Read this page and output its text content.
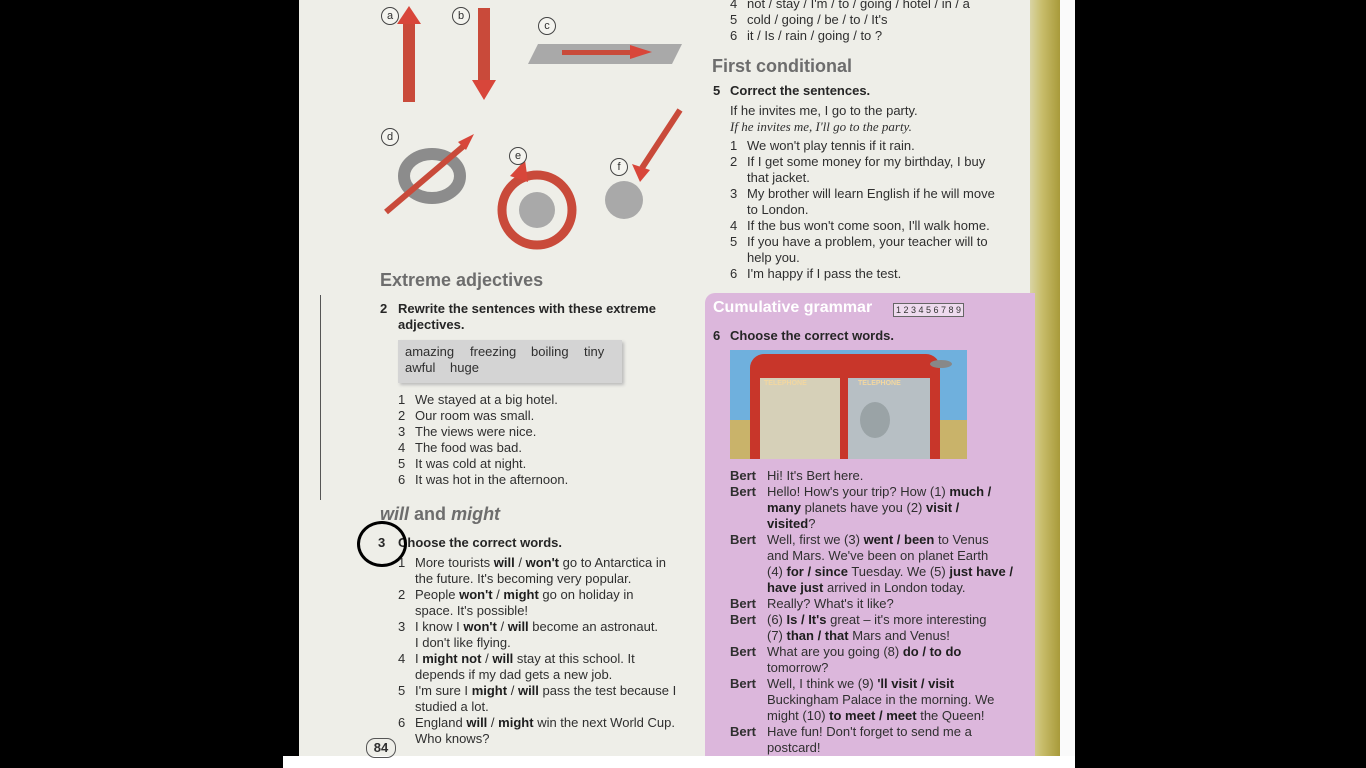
a	b
c
d
e
f
4 not / stay / I'm / to / going / hotel / in / a
5 cold / going / be / to / It's
6 it / Is / rain / going / to ?
Extreme adjectives
2 Rewrite the sentences with these extreme
adjectives.
amazing freezing boiling tiny
awful huge
1 We stayed at a big hotel.
2 Our room was small.
3 The views were nice.
4 The food was bad.
5 It was cold at night.
6 It was hot in the afternoon.
will and might
3 Choose the correct words.
1 More tourists will / won't go to Antarctica in
the future. It's becoming very popular.
2 People won't / might go on holiday in
space. It's possible!
3 I know I won't / will become an astronaut.
I don't like flying.
4 I might not / will stay at this school. It
depends if my dad gets a new job.
5 I'm sure I might / will pass the test because I
studied a lot.
6 England will / might win the next World Cup.
Who knows?
84
First conditional
5 Correct the sentences.
If he invites me, I go to the party.
If he invites me, I'll go to the party.
1 We won't play tennis if it rain.
2 If I get some money for my birthday, I buy
that jacket.
3 My brother will learn English if he will move
to London.
4 If the bus won't come soon, I'll walk home.
5 If you have a problem, your teacher will to
help you.
6 I'm happy if I pass the test.
Cumulative grammar	1 2 3 4 5 6 7 8 9
6 Choose the correct words.
TELEPHONE	TELEPHONE
Bert Hi! It's Bert here.
Bert Hello! How's your trip? How (1) much /
many planets have you (2) visit /
visited?
Bert Well, first we (3) went / been to Venus
and Mars. We've been on planet Earth
(4) for / since Tuesday. We (5) just have /
have just arrived in London today.
Bert Really? What's it like?
Bert (6) Is / It's great – it's more interesting
(7) than / that Mars and Venus!
Bert What are you going (8) do / to do
tomorrow?
Bert Well, I think we (9) 'll visit / visit
Buckingham Palace in the morning. We
might (10) to meet / meet the Queen!
Bert Have fun! Don't forget to send me a
postcard!
